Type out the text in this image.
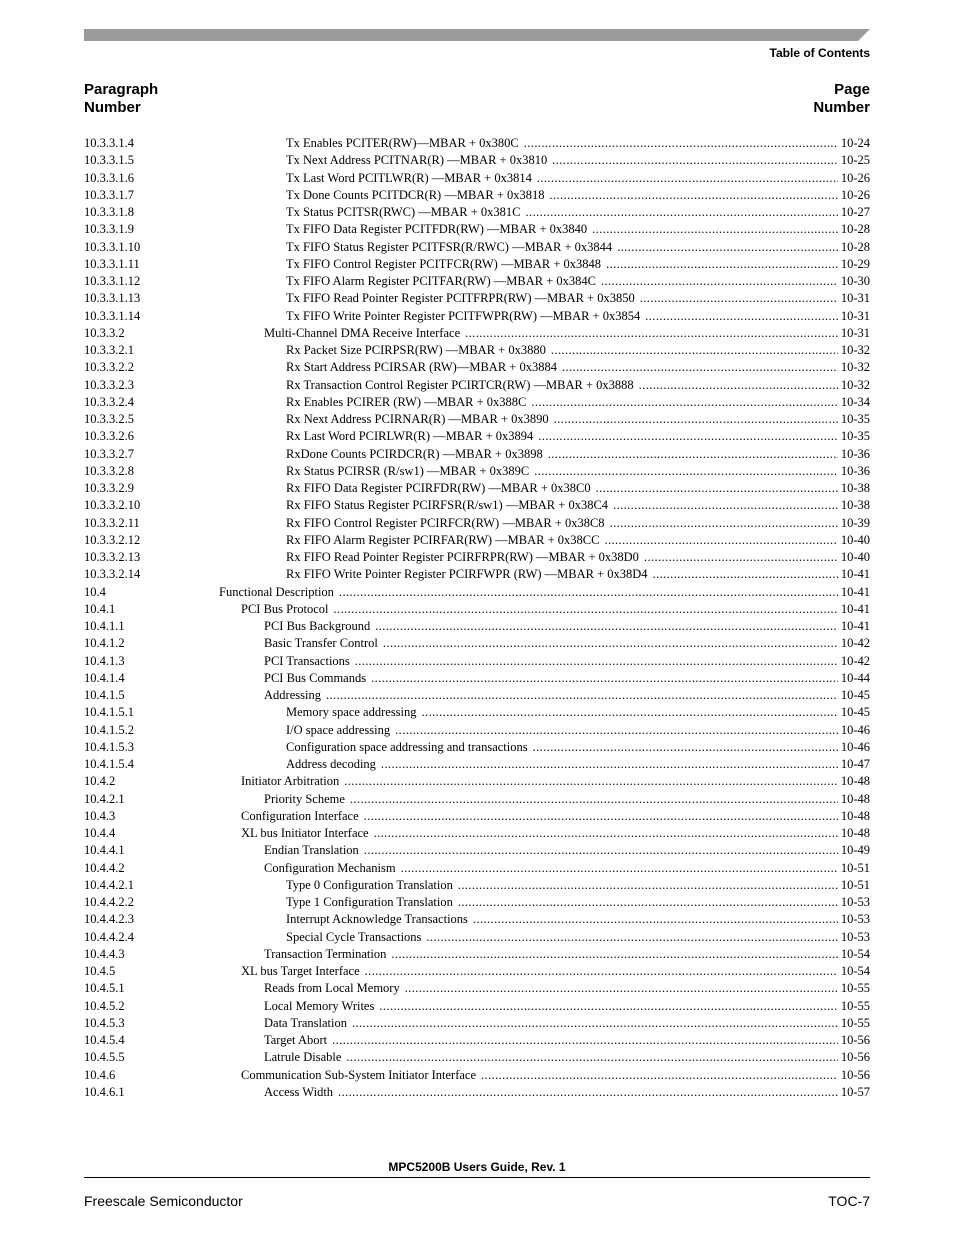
Table of Contents
Paragraph
Number
Page
Number
10.3.3.1.4	Tx Enables PCITER(RW)—MBAR + 0x380C .....	10-24
10.3.3.1.5	Tx Next Address PCITNAR(R) —MBAR + 0x3810 .....	10-25
10.3.3.1.6	Tx Last Word PCITLWR(R) —MBAR + 0x3814 .....	10-26
10.3.3.1.7	Tx Done Counts PCITDCR(R) —MBAR + 0x3818 .....	10-26
10.3.3.1.8	Tx Status PCITSR(RWC) —MBAR + 0x381C .....	10-27
10.3.3.1.9	Tx FIFO Data Register PCITFDR(RW) —MBAR + 0x3840 .....	10-28
10.3.3.1.10	Tx FIFO Status Register PCITFSR(R/RWC) —MBAR + 0x3844 .....	10-28
10.3.3.1.11	Tx FIFO Control Register PCITFCR(RW) —MBAR + 0x3848 .....	10-29
10.3.3.1.12	Tx FIFO Alarm Register PCITFAR(RW) —MBAR + 0x384C .....	10-30
10.3.3.1.13	Tx FIFO Read Pointer Register PCITFRPR(RW) —MBAR + 0x3850 .....	10-31
10.3.3.1.14	Tx FIFO Write Pointer Register PCITFWPR(RW) —MBAR + 0x3854 .....	10-31
10.3.3.2	Multi-Channel DMA Receive Interface .....	10-31
10.3.3.2.1	Rx Packet Size PCIRPSR(RW) —MBAR + 0x3880 .....	10-32
10.3.3.2.2	Rx Start Address PCIRSAR (RW)—MBAR + 0x3884 .....	10-32
10.3.3.2.3	Rx Transaction Control Register PCIRTCR(RW) —MBAR + 0x3888 .....	10-32
10.3.3.2.4	Rx Enables PCIRER (RW) —MBAR + 0x388C .....	10-34
10.3.3.2.5	Rx Next Address PCIRNAR(R) —MBAR + 0x3890 .....	10-35
10.3.3.2.6	Rx Last Word PCIRLWR(R) —MBAR + 0x3894 .....	10-35
10.3.3.2.7	RxDone Counts PCIRDCR(R) —MBAR + 0x3898 .....	10-36
10.3.3.2.8	Rx Status PCIRSR (R/sw1) —MBAR + 0x389C .....	10-36
10.3.3.2.9	Rx FIFO Data Register PCIRFDR(RW) —MBAR + 0x38C0 .....	10-38
10.3.3.2.10	Rx FIFO Status Register PCIRFSR(R/sw1) —MBAR + 0x38C4 .....	10-38
10.3.3.2.11	Rx FIFO Control Register PCIRFCR(RW) —MBAR + 0x38C8 .....	10-39
10.3.3.2.12	Rx FIFO Alarm Register PCIRFAR(RW) —MBAR + 0x38CC .....	10-40
10.3.3.2.13	Rx FIFO Read Pointer Register PCIRFRPR(RW) —MBAR + 0x38D0 .....	10-40
10.3.3.2.14	Rx FIFO Write Pointer Register PCIRFWPR (RW) —MBAR + 0x38D4 .....	10-41
10.4	Functional Description .....	10-41
10.4.1	PCI Bus Protocol .....	10-41
10.4.1.1	PCI Bus Background .....	10-41
10.4.1.2	Basic Transfer Control .....	10-42
10.4.1.3	PCI Transactions .....	10-42
10.4.1.4	PCI Bus Commands .....	10-44
10.4.1.5	Addressing .....	10-45
10.4.1.5.1	Memory space addressing .....	10-45
10.4.1.5.2	I/O space addressing .....	10-46
10.4.1.5.3	Configuration space addressing and transactions .....	10-46
10.4.1.5.4	Address decoding .....	10-47
10.4.2	Initiator Arbitration .....	10-48
10.4.2.1	Priority Scheme .....	10-48
10.4.3	Configuration Interface .....	10-48
10.4.4	XL bus Initiator Interface .....	10-48
10.4.4.1	Endian Translation .....	10-49
10.4.4.2	Configuration Mechanism .....	10-51
10.4.4.2.1	Type 0 Configuration Translation .....	10-51
10.4.4.2.2	Type 1 Configuration Translation .....	10-53
10.4.4.2.3	Interrupt Acknowledge Transactions .....	10-53
10.4.4.2.4	Special Cycle Transactions .....	10-53
10.4.4.3	Transaction Termination .....	10-54
10.4.5	XL bus Target Interface .....	10-54
10.4.5.1	Reads from Local Memory .....	10-55
10.4.5.2	Local Memory Writes .....	10-55
10.4.5.3	Data Translation .....	10-55
10.4.5.4	Target Abort .....	10-56
10.4.5.5	Latrule Disable .....	10-56
10.4.6	Communication Sub-System Initiator Interface .....	10-56
10.4.6.1	Access Width .....	10-57
MPC5200B Users Guide, Rev. 1
Freescale Semiconductor	TOC-7
